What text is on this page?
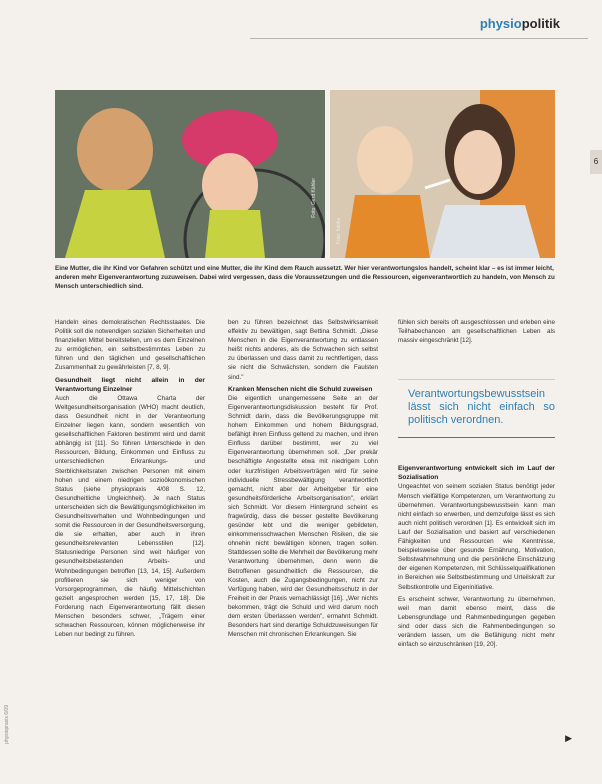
physiopolitik
6
Foto: Gerd Kähler
Foto: fotolia
Eine Mutter, die ihr Kind vor Gefahren schützt und eine Mutter, die ihr Kind dem Rauch aussetzt. Wer hier verantwortungslos handelt, scheint klar – es ist immer leicht, anderen mehr Eigenverantwortung zuzuweisen. Dabei wird vergessen, dass die Voraussetzungen und die Ressourcen, eigenverantwortlich zu handeln, von Mensch zu Mensch unterschiedlich sind.

Handeln eines demokratischen Rechtsstaates. Die Politik soll die notwendigen sozialen Sicherheiten und finanziellen Mittel bereitstellen, um es dem Einzelnen zu ermöglichen, ein selbstbestimmtes Leben zu führen und den täglichen und gesellschaftlichen Zusammenhalt zu gewährleisten [7, 8, 9].

Gesundheit liegt nicht allein in der Verantwortung Einzelner

Auch die Ottawa Charta der Weltgesundheitsorganisation (WHO) macht deutlich, dass Gesundheit nicht in der Verantwortung Einzelner liegen kann, sondern wesentlich von gesellschaftlichen Faktoren bestimmt wird und damit abhängig ist [11]. So führen Unterschiede in den Ressourcen, Bildung, Einkommen und Einfluss zu unterschiedlichen Erkrankungs- und Sterblichkeitsraten zwischen Personen mit einem hohen und einem niedrigen sozioökonomischen Status (siehe physiopraxis 4/08 S. 12, Gesundheitliche Ungleichheit). Je nach Status unterscheiden sich die Bewältigungsmöglichkeiten im Gesundheitsverhalten und Wohnbedingungen und somit die Ressourcen in der Gesundheitsversorgung, die sie erhalten, aber auch in ihren gesundheitsrelevanten Lebensstilen [12]. Statusniedrige Personen sind weit häufiger von gesundheitsbelastenden Arbeits- und Wohnbedingungen betroffen [13, 14, 15]. Außerdem profitieren sie sich weniger von Vorsorgeprogrammen, die häufig Mittelschichten gezielt angesprochen werden [15, 17, 18]. Die Forderung nach Eigenverantwortung fällt diesen Menschen besonders schwer, „Trägern einer schwachen Ressourcen, können möglicherweise ihr Leben nur bedingt zu führen.

ben zu führen bezeichnet das Selbstwirksamkeit effektiv zu bewältigen, sagt Bettina Schmidt. „Diese Menschen in die Eigenverantwortung zu entlassen heißt nichts anderes, als die Schwachen sich selbst zu überlassen und dass damit zu rechtfertigen, dass sie nicht die Schwächsten, sondern die Faulsten sind."

Kranken Menschen nicht die Schuld zuweisen

Die eigentlich unangemessene Seite an der Eigenverantwortungsdiskussion besteht für Prof. Schmidt darin, dass die Bevölkerungsgruppe mit hohem Einkommen und hohem Bildungsgrad, befähigt ihren Einfluss geltend zu machen, und ihren Einfluss darüber bestimmt, wer zu viel Eigenverantwortung übernehmen soll. „Der prekär beschäftigte Angestellte etwa mit niedrigem Lohn oder kurzfristigen Arbeitsverträgen wird für seine individuelle Stressbewältigung verantwortlich gemacht, nicht aber der Arbeitgeber für eine gesundheitsförderliche Arbeitsorganisation", erklärt sich Schmidt. Vor diesem Hintergrund scheint es fragwürdig, dass die besser gestellte Bevölkerung gesünder lebt und die weniger gebildeten, einkommensschwachen Menschen Risiken, die sie ohnehin nicht bewältigen können, tragen sollen. Stattdessen sollte die Mehrheit der Bevölkerung mehr Verantwortung übernehmen, denn wenn die Betroffenen gesundheitlich die Ressourcen, die Kosten, auch die Zugangsbedingungen, nicht zur Verfügung haben, wird der Gesundheitsschutz in der Freiheit in der Praxis vernachlässigt [16]. „Wer nichts bekommen, trägt die Schuld und wird darum noch dem ersten Überlassen werden", ermahnt Schmidt. Besonders hart sind derartige Schuldzuweisungen für Menschen mit chronischen Erkrankungen. Sie

fühlen sich bereits oft ausgeschlossen und erleben eine Teilhabechancen am gesellschaftlichen Leben als massiv eingeschränkt [12].

Verantwortungsbewusstsein lässt sich nicht einfach so politisch verordnen.
Eigenverantwortung entwickelt sich im Lauf der Sozialisation

Ungeachtet von seinem sozialen Status benötigt jeder Mensch vielfältige Kompetenzen, um Verantwortung zu übernehmen. Verantwortungsbewusstsein kann man nicht einfach so erwerben, und demzufolge lässt es sich auch nicht politisch verordnen [1]. Es entwickelt sich im Lauf der Sozialisation und basiert auf verschiedenen Fähigkeiten und Ressourcen wie Kenntnisse, beispielsweise über gesunde Ernährung, Motivation, Selbstwahrnehmung und die persönliche Einschätzung der eigenen Kompetenzen, mit Schlüsselqualifikationen in Bereichen wie Selbstbestimmung und Urteilskraft zur Selbstkontrolle und Eigeninitiative.

Es erscheint schwer, Verantwortung zu übernehmen, weil man damit ebenso meint, dass die Lebensgrundlage und Rahmenbedingungen gegeben sind oder dass sich die Rahmenbedingungen so verändern lassen, um die Befähigung nicht mehr einfach so einzuschränken [19, 20].

physiopraxis 6/09	▶
